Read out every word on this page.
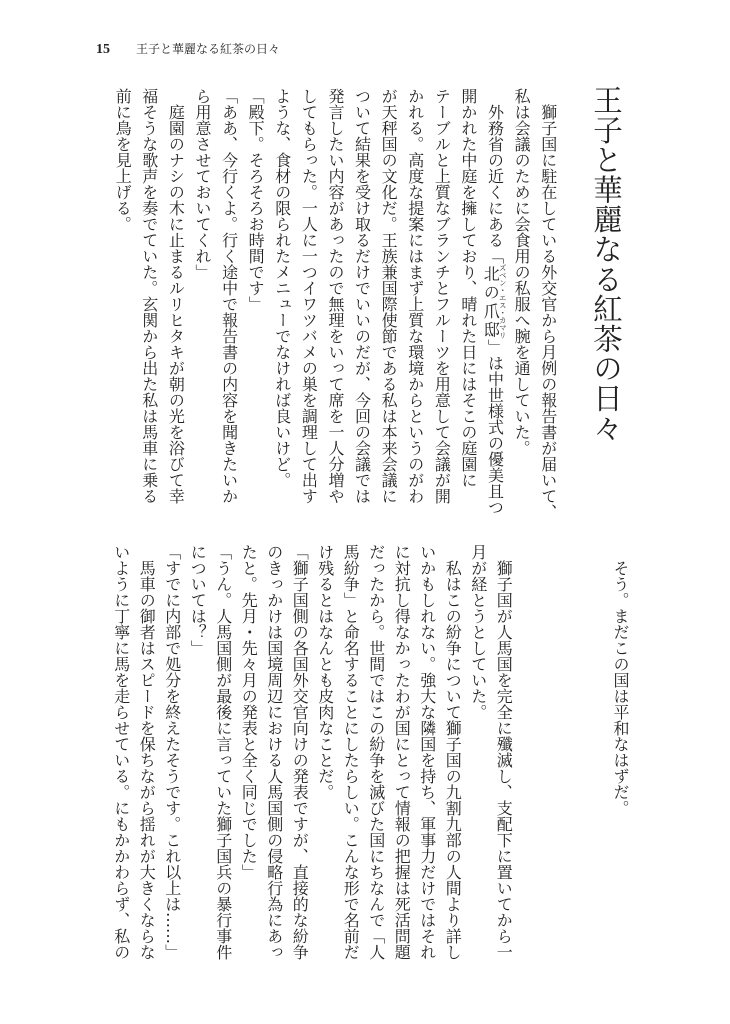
15 王子と華麗なる紅茶の日々
王子と華麗なる紅茶の日々
獅子国に駐在している外交官から月例の報告書が届いて、
私は会議のために会食用の私服へ腕を通していた。
外務省の近くにある「
北の爪邸ズベン・エス・カマリ
」は中世様式の優美且つ
開かれた中庭を擁しており、晴れた日にはそこの庭園に
テーブルと上質なブランチとフルーツを用意して会議が開
かれる。高度な提案にはまず上質な環境からというのがわ
が天秤国の文化だ。王族兼国際使節である私は本来会議に
ついて結果を受け取るだけでいいのだが、今回の会議では
発言したい内容があったので無理をいって席を一人分増や
してもらった。一人に一つイワツバメの巣を調理して出す
ような、食材の限られたメニューでなければ良いけど。
「殿下。そろそろお時間です」
「ああ、今行くよ。行く途中で報告書の内容を聞きたいか
ら用意させておいてくれ」
庭園のナシの木に止まるルリヒタキが朝の光を浴びて幸
福そうな歌声を奏でていた。玄関から出た私は馬車に乗る
前に鳥を見上げる。
そう。まだこの国は平和なはずだ。
獅子国が人馬国を完全に殲滅し、支配下に置いてから一
月が経とうとしていた。
私はこの紛争について獅子国の九割九部の人間より詳し
いかもしれない。強大な隣国を持ち、軍事力だけではそれ
に対抗し得なかったわが国にとって情報の把握は死活問題
だったから。世間ではこの紛争を滅びた国にちなんで「人
馬紛争」と命名することにしたらしい。こんな形で名前だ
け残るとはなんとも皮肉なことだ。
「獅子国側の各国外交官向けの発表ですが、直接的な紛争
のきっかけは国境周辺における人馬国側の侵略行為にあっ
たと。先月・先々月の発表と全く同じでした」
「うん。人馬国側が最後に言っていた獅子国兵の暴行事件
については？」
「すでに内部で処分を終えたそうです。これ以上は……」
馬車の御者はスピードを保ちながら揺れが大きくならな
いように丁寧に馬を走らせている。にもかかわらず、私の
